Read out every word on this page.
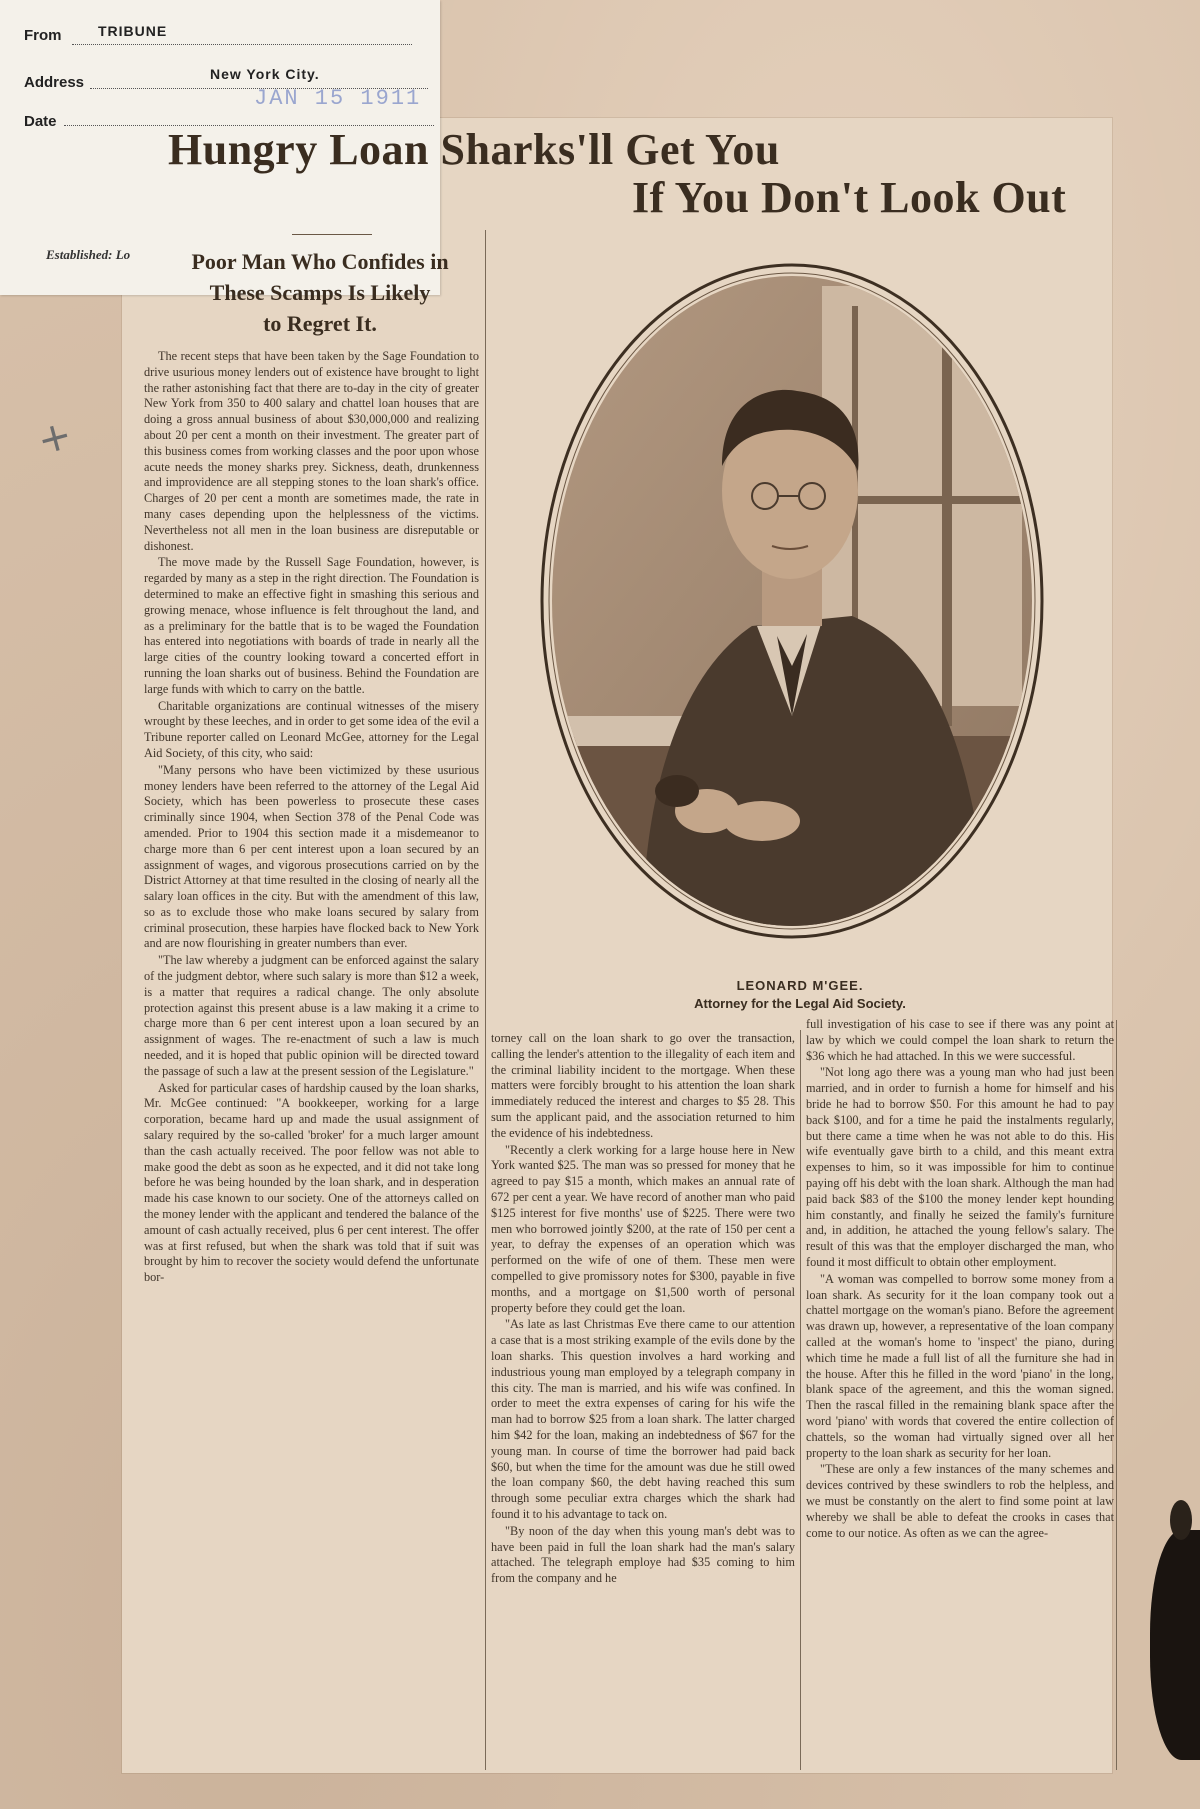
From	TRIBUNE
Address	New York City.
Date
JAN 15 1911
Established: Lo
Hungry Loan Sharks'll Get You
If You Don't Look Out
Poor Man Who Confides in
These Scamps Is Likely
to Regret It.
LEONARD M'GEE.
Attorney for the Legal Aid Society.

The recent steps that have been taken by the Sage Foundation to drive usurious money lenders out of existence have brought to light the rather astonishing fact that there are to-day in the city of greater New York from 350 to 400 salary and chattel loan houses that are doing a gross annual business of about $30,000,000 and realizing about 20 per cent a month on their investment. The greater part of this business comes from working classes and the poor upon whose acute needs the money sharks prey. Sickness, death, drunkenness and improvidence are all stepping stones to the loan shark's office. Charges of 20 per cent a month are sometimes made, the rate in many cases depending upon the helplessness of the victims. Nevertheless not all men in the loan business are disreputable or dishonest.

The move made by the Russell Sage Foundation, however, is regarded by many as a step in the right direction. The Foundation is determined to make an effective fight in smashing this serious and growing menace, whose influence is felt throughout the land, and as a preliminary for the battle that is to be waged the Foundation has entered into negotiations with boards of trade in nearly all the large cities of the country looking toward a concerted effort in running the loan sharks out of business. Behind the Foundation are large funds with which to carry on the battle.

Charitable organizations are continual witnesses of the misery wrought by these leeches, and in order to get some idea of the evil a Tribune reporter called on Leonard McGee, attorney for the Legal Aid Society, of this city, who said:

"Many persons who have been victimized by these usurious money lenders have been referred to the attorney of the Legal Aid Society, which has been powerless to prosecute these cases criminally since 1904, when Section 378 of the Penal Code was amended. Prior to 1904 this section made it a misdemeanor to charge more than 6 per cent interest upon a loan secured by an assignment of wages, and vigorous prosecutions carried on by the District Attorney at that time resulted in the closing of nearly all the salary loan offices in the city. But with the amendment of this law, so as to exclude those who make loans secured by salary from criminal prosecution, these harpies have flocked back to New York and are now flourishing in greater numbers than ever.

"The law whereby a judgment can be enforced against the salary of the judgment debtor, where such salary is more than $12 a week, is a matter that requires a radical change. The only absolute protection against this present abuse is a law making it a crime to charge more than 6 per cent interest upon a loan secured by an assignment of wages. The re-enactment of such a law is much needed, and it is hoped that public opinion will be directed toward the passage of such a law at the present session of the Legislature."

Asked for particular cases of hardship caused by the loan sharks, Mr. McGee continued: "A bookkeeper, working for a large corporation, became hard up and made the usual assignment of salary required by the so-called 'broker' for a much larger amount than the cash actually received. The poor fellow was not able to make good the debt as soon as he expected, and it did not take long before he was being hounded by the loan shark, and in desperation made his case known to our society. One of the attorneys called on the money lender with the applicant and tendered the balance of the amount of cash actually received, plus 6 per cent interest. The offer was at first refused, but when the shark was told that if suit was brought by him to recover the society would defend the unfortunate bor-

torney call on the loan shark to go over the transaction, calling the lender's attention to the illegality of each item and the criminal liability incident to the mortgage. When these matters were forcibly brought to his attention the loan shark immediately reduced the interest and charges to $5 28. This sum the applicant paid, and the association returned to him the evidence of his indebtedness.

"Recently a clerk working for a large house here in New York wanted $25. The man was so pressed for money that he agreed to pay $15 a month, which makes an annual rate of 672 per cent a year. We have record of another man who paid $125 interest for five months' use of $225. There were two men who borrowed jointly $200, at the rate of 150 per cent a year, to defray the expenses of an operation which was performed on the wife of one of them. These men were compelled to give promissory notes for $300, payable in five months, and a mortgage on $1,500 worth of personal property before they could get the loan.

"As late as last Christmas Eve there came to our attention a case that is a most striking example of the evils done by the loan sharks. This question involves a hard working and industrious young man employed by a telegraph company in this city. The man is married, and his wife was confined. In order to meet the extra expenses of caring for his wife the man had to borrow $25 from a loan shark. The latter charged him $42 for the loan, making an indebtedness of $67 for the young man. In course of time the borrower had paid back $60, but when the time for the amount was due he still owed the loan company $60, the debt having reached this sum through some peculiar extra charges which the shark had found it to his advantage to tack on.

"By noon of the day when this young man's debt was to have been paid in full the loan shark had the man's salary attached. The telegraph employe had $35 coming to him from the company and he

full investigation of his case to see if there was any point at law by which we could compel the loan shark to return the $36 which he had attached. In this we were successful.

"Not long ago there was a young man who had just been married, and in order to furnish a home for himself and his bride he had to borrow $50. For this amount he had to pay back $100, and for a time he paid the instalments regularly, but there came a time when he was not able to do this. His wife eventually gave birth to a child, and this meant extra expenses to him, so it was impossible for him to continue paying off his debt with the loan shark. Although the man had paid back $83 of the $100 the money lender kept hounding him constantly, and finally he seized the family's furniture and, in addition, he attached the young fellow's salary. The result of this was that the employer discharged the man, who found it most difficult to obtain other employment.

"A woman was compelled to borrow some money from a loan shark. As security for it the loan company took out a chattel mortgage on the woman's piano. Before the agreement was drawn up, however, a representative of the loan company called at the woman's home to 'inspect' the piano, during which time he made a full list of all the furniture she had in the house. After this he filled in the word 'piano' in the long, blank space of the agreement, and this the woman signed. Then the rascal filled in the remaining blank space after the word 'piano' with words that covered the entire collection of chattels, so the woman had virtually signed over all her property to the loan shark as security for her loan.

"These are only a few instances of the many schemes and devices contrived by these swindlers to rob the helpless, and we must be constantly on the alert to find some point at law whereby we shall be able to defeat the crooks in cases that come to our notice. As often as we can the agree-

+
